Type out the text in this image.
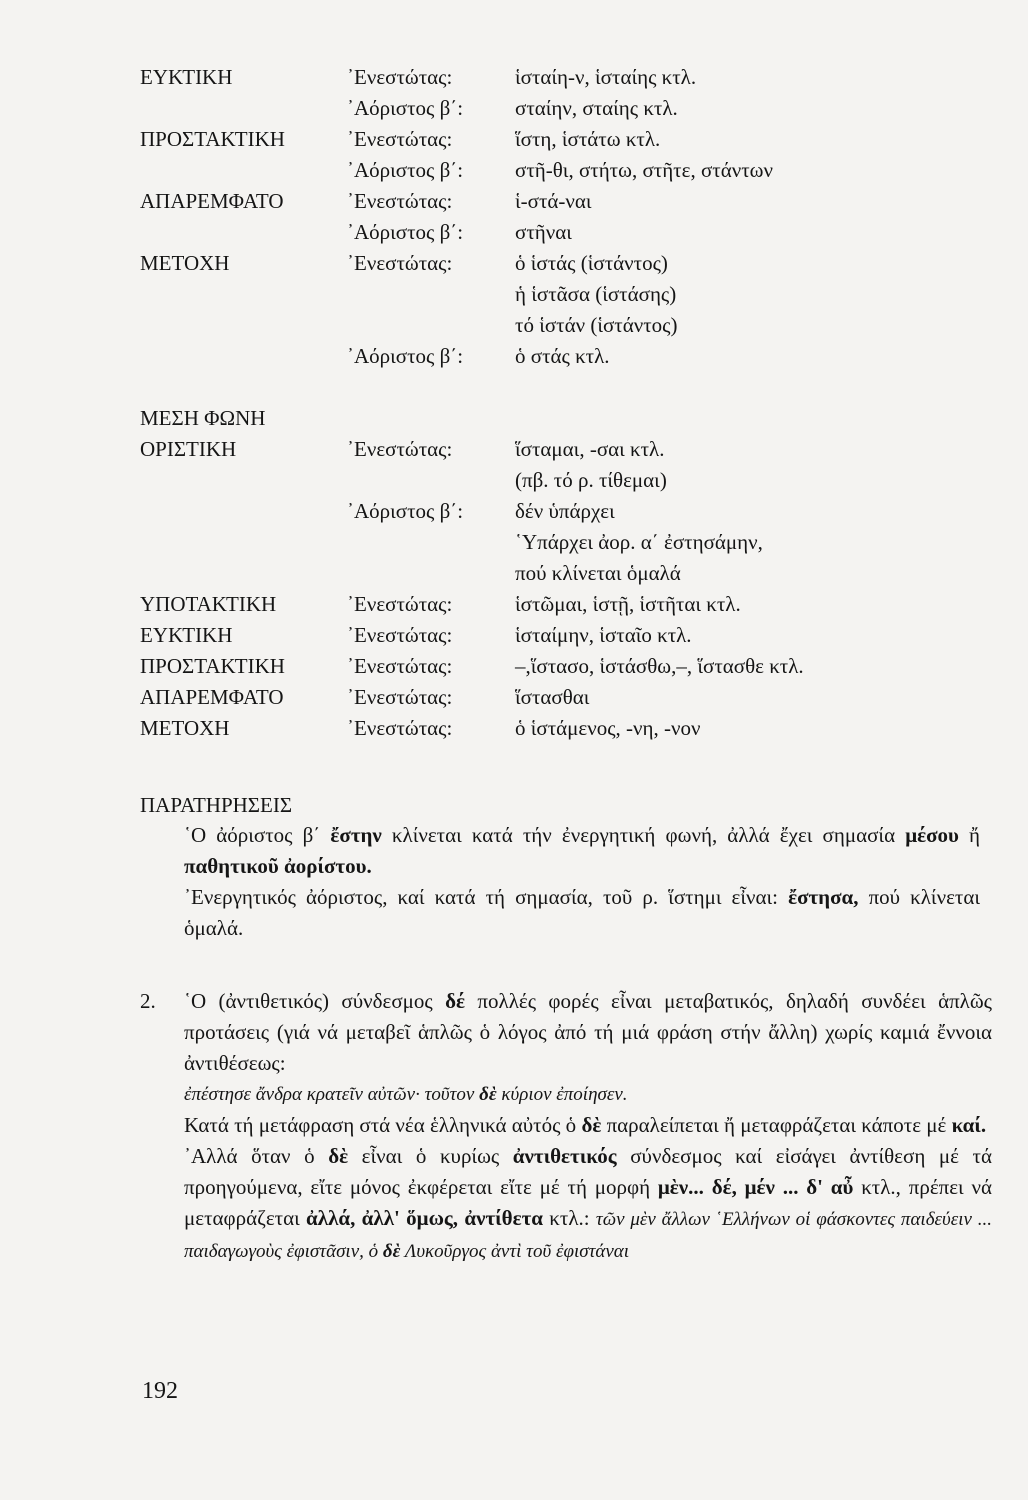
ΕΥΚΤΙΚΗ	᾿Ενεστώτας:	ἱσταίη-ν, ἱσταίης κτλ.
᾿Αόριστος β΄: σταίην, σταίης κτλ.
ΠΡΟΣΤΑΚΤΙΚΗ	᾿Ενεστώτας:	ἵστη, ἱστάτω κτλ.
᾿Αόριστος β΄: στῆ-θι, στήτω, στῆτε, στάντων
ΑΠΑΡΕΜΦΑΤΟ	᾿Ενεστώτας:	ἱ-στά-ναι
᾿Αόριστος β΄: στῆναι
ΜΕΤΟΧΗ	᾿Ενεστώτας:	ὁ ἱστάς (ἱστάντος)
ἡ ἱστᾶσα (ἱστάσης)
τό ἱστάν (ἱστάντος)
᾿Αόριστος β΄: ὁ στάς κτλ.
ΜΕΣΗ ΦΩΝΗ
ΟΡΙΣΤΙΚΗ	᾿Ενεστώτας:	ἵσταμαι, -σαι κτλ.
(πβ. τό ρ. τίθεμαι)
᾿Αόριστος β΄: δέν ὑπάρχει
῾Υπάρχει ἀορ. α΄ ἐστησάμην,
πού κλίνεται ὁμαλά
ΥΠΟΤΑΚΤΙΚΗ	᾿Ενεστώτας:	ἱστῶμαι, ἱστῇ, ἱστῆται κτλ.
ΕΥΚΤΙΚΗ	᾿Ενεστώτας:	ἱσταίμην, ἱσταῖο κτλ.
ΠΡΟΣΤΑΚΤΙΚΗ	᾿Ενεστώτας:	–,ἵστασο, ἱστάσθω,–, ἵστασθε κτλ.
ΑΠΑΡΕΜΦΑΤΟ	᾿Ενεστώτας:	ἵστασθαι
ΜΕΤΟΧΗ	᾿Ενεστώτας:	ὁ ἱστάμενος, -νη, -νον
ΠΑΡΑΤΗΡΗΣΕΙΣ

῾Ο ἀόριστος β΄ ἔστην κλίνεται κατά τήν ἐνεργητική φωνή, ἀλλά ἔχει σημασία μέσου ἤ παθητικοῦ ἀορίστου.

᾿Ενεργητικός ἀόριστος, καί κατά τή σημασία, τοῦ ρ. ἵστημι εἶναι: ἔστησα, πού κλίνεται ὁμαλά.

2. ῾Ο (ἀντιθετικός) σύνδεσμος δέ πολλές φορές εἶναι μεταβατικός, δηλαδή συνδέει ἁπλῶς προτάσεις (γιά νά μεταβεῖ ἁπλῶς ὁ λόγος ἀπό τή μιά φράση στήν ἄλλη) χωρίς καμιά ἔννοια ἀντιθέσεως:

ἐπέστησε ἄνδρα κρατεῖν αὐτῶν· τοῦτον δὲ κύριον ἐποίησεν.

Κατά τή μετάφραση στά νέα ἑλληνικά αὐτός ὁ δὲ παραλείπεται ἤ μεταφράζεται κάποτε μέ καί.

᾿Αλλά ὅταν ὁ δὲ εἶναι ὁ κυρίως ἀντιθετικός σύνδεσμος καί εἰσάγει ἀντίθεση μέ τά προηγούμενα, εἴτε μόνος ἐκφέρεται εἴτε μέ τή μορφή μὲν... δέ, μέν ... δ' αὖ κτλ., πρέπει νά μεταφράζεται ἀλλά, ἀλλ' ὅμως, ἀντίθετα κτλ.: τῶν μὲν ἄλλων ῾Ελλήνων οἱ φάσκοντες παιδεύειν ... παιδαγωγοὺς ἐφιστᾶσιν, ὁ δὲ Λυκοῦργος ἀντὶ τοῦ ἐφιστάναι

192
